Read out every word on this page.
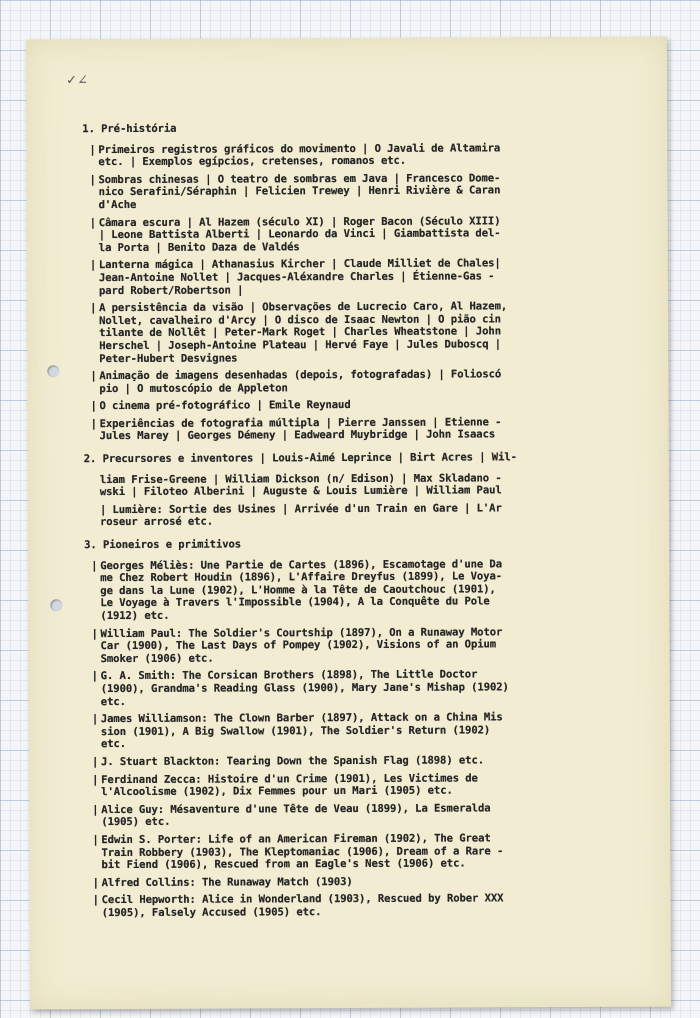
✓ ∠
1. Pré-história
| Primeiros registros gráficos do movimento | O Javali de Altamira
etc. | Exemplos egípcios, cretenses, romanos etc.
| Sombras chinesas | O teatro de sombras em Java | Francesco Dome-
nico Serafini/Séraphin | Felicien Trewey | Henri Rivière & Caran
d'Ache
| Câmara escura | Al Hazem (século XI) | Roger Bacon (Século XIII)
| Leone Battista Alberti | Leonardo da Vinci | Giambattista del-
la Porta | Benito Daza de Valdés
| Lanterna mágica | Athanasius Kircher | Claude Milliet de Chales|
Jean-Antoine Nollet | Jacques-Aléxandre Charles | Étienne-Gas -
pard Robert/Robertson |
| A persistência da visão | Observações de Lucrecio Caro, Al Hazem,
Nollet, cavalheiro d'Arcy | O disco de Isaac Newton | O pião cin
tilante de Nollêt | Peter-Mark Roget | Charles Wheatstone | John
Herschel | Joseph-Antoine Plateau | Hervé Faye | Jules Duboscq |
Peter-Hubert Desvignes
| Animação de imagens desenhadas (depois, fotografadas) | Folioscó
pio | O mutoscópio de Appleton
| O cinema pré-fotográfico | Emile Reynaud
| Experiências de fotografia múltipla | Pierre Janssen | Etienne -
Jules Marey | Georges Démeny | Eadweard Muybridge | John Isaacs
2. Precursores e inventores | Louis-Aimé Leprince | Birt Acres | Wil-
liam Frise-Greene | William Dickson (n/ Edison) | Max Skladano -
wski | Filoteo Alberini | Auguste & Louis Lumière | William Paul
| Lumière: Sortie des Usines | Arrivée d'un Train en Gare | L'Ar
roseur arrosé etc.
3. Pioneiros e primitivos
| Georges Méliès: Une Partie de Cartes (1896), Escamotage d'une Da
me Chez Robert Houdin (1896), L'Affaire Dreyfus (1899), Le Voya-
ge dans la Lune (1902), L'Homme à la Tête de Caoutchouc (1901),
Le Voyage à Travers l'Impossible (1904), A la Conquête du Pole
(1912) etc.
| William Paul: The Soldier's Courtship (1897), On a Runaway Motor
Car (1900), The Last Days of Pompey (1902), Visions of an Opium
Smoker (1906) etc.
| G. A. Smith: The Corsican Brothers (1898), The Little Doctor
(1900), Grandma's Reading Glass (1900), Mary Jane's Mishap (1902)
etc.
| James Williamson: The Clown Barber (1897), Attack on a China Mis
sion (1901), A Big Swallow (1901), The Soldier's Return (1902)
etc.
| J. Stuart Blackton: Tearing Down the Spanish Flag (1898) etc.
| Ferdinand Zecca: Histoire d'un Crime (1901), Les Victimes de
l'Alcoolisme (1902), Dix Femmes pour un Mari (1905) etc.
| Alice Guy: Mésaventure d'une Tête de Veau (1899), La Esmeralda
(1905) etc.
| Edwin S. Porter: Life of an American Fireman (1902), The Great
Train Robbery (1903), The Kleptomaniac (1906), Dream of a Rare -
bit Fiend (1906), Rescued from an Eagle's Nest (1906) etc.
| Alfred Collins: The Runaway Match (1903)
| Cecil Hepworth: Alice in Wonderland (1903), Rescued by Rober XXX
(1905), Falsely Accused (1905) etc.
